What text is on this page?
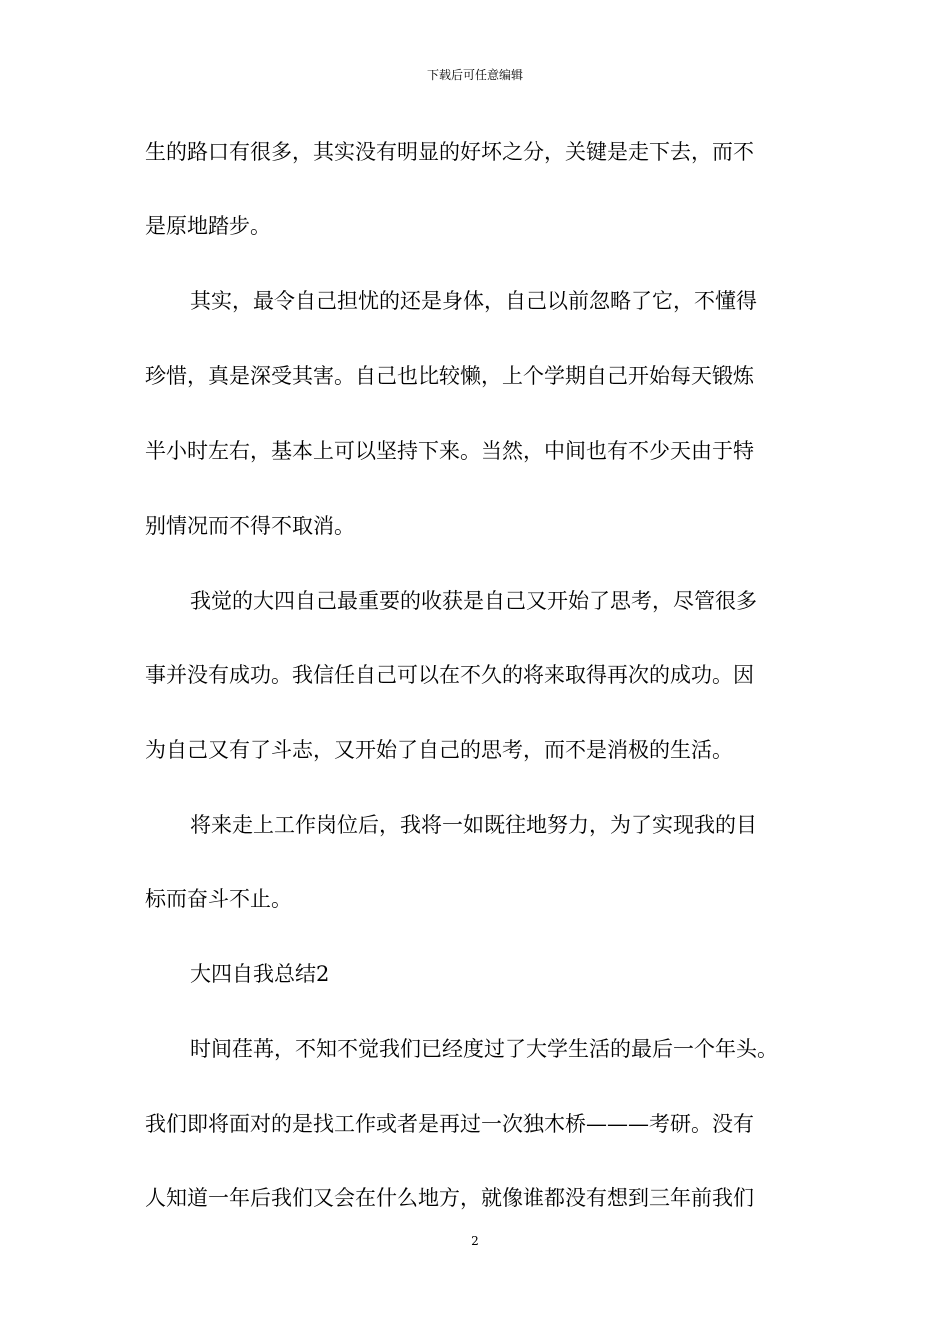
下载后可任意编辑
生的路口有很多，其实没有明显的好坏之分，关键是走下去，而不
是原地踏步。
其实，最令自己担忧的还是身体，自己以前忽略了它，不懂得
珍惜，真是深受其害。自己也比较懒，上个学期自己开始每天锻炼
半小时左右，基本上可以坚持下来。当然，中间也有不少天由于特
别情况而不得不取消。
我觉的大四自己最重要的收获是自己又开始了思考，尽管很多
事并没有成功。我信任自己可以在不久的将来取得再次的成功。因
为自己又有了斗志，又开始了自己的思考，而不是消极的生活。
将来走上工作岗位后，我将一如既往地努力，为了实现我的目
标而奋斗不止。
大四自我总结2
时间荏苒，不知不觉我们已经度过了大学生活的最后一个年头。
我们即将面对的是找工作或者是再过一次独木桥———考研。没有
人知道一年后我们又会在什么地方，就像谁都没有想到三年前我们
2
